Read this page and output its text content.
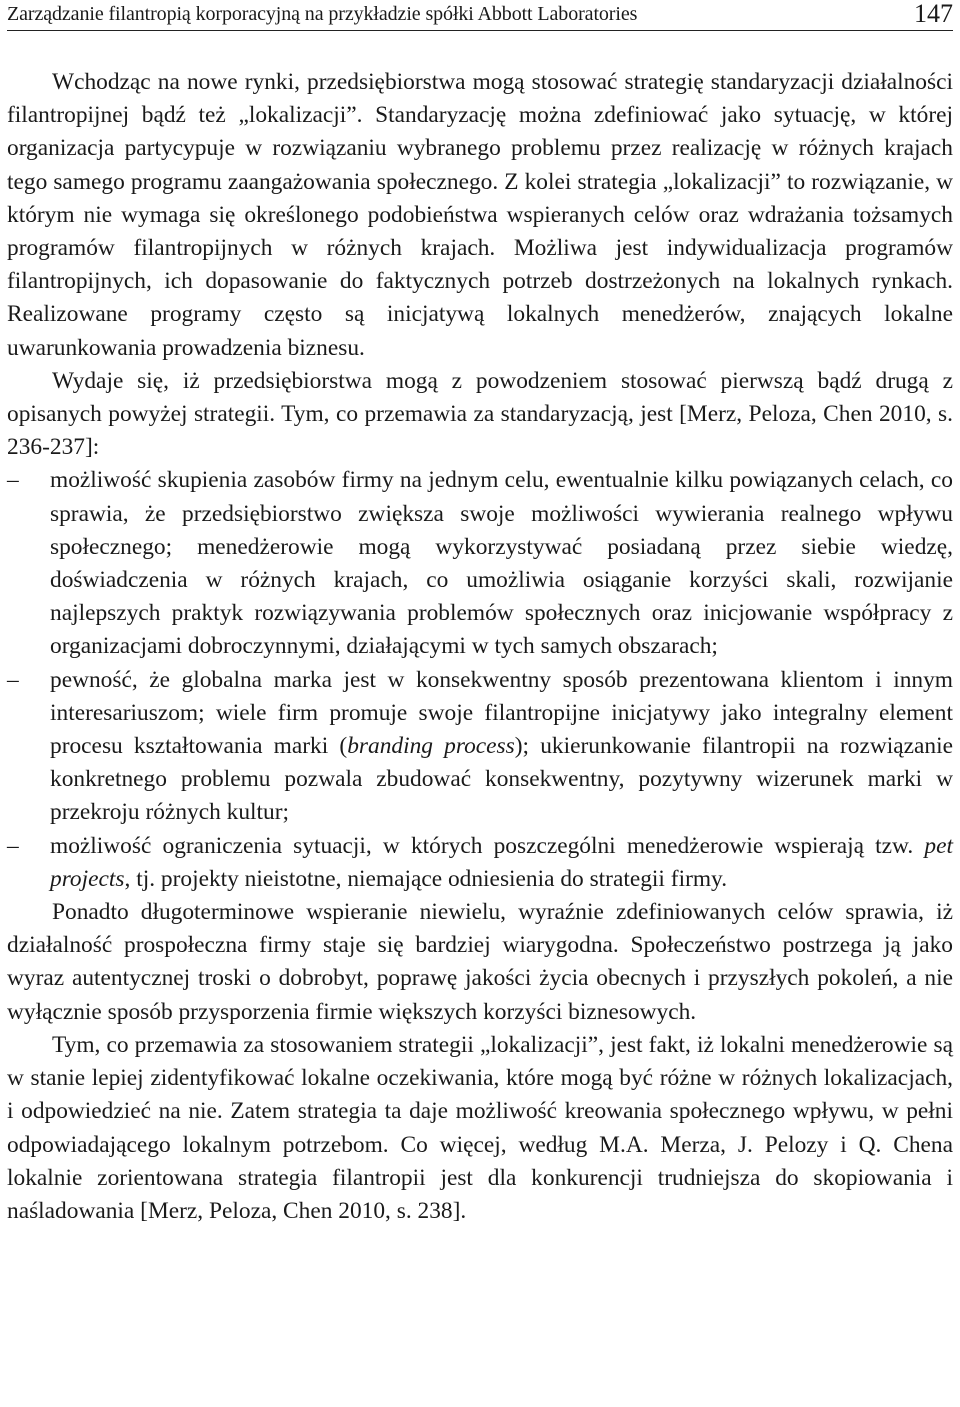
Zarządzanie filantropią korporacyjną na przykładzie spółki Abbott Laboratories	147

Wchodząc na nowe rynki, przedsiębiorstwa mogą stosować strategię standaryzacji działalności filantropijnej bądź też „lokalizacji”. Standaryzację można zdefiniować jako sytuację, w której organizacja partycypuje w rozwiązaniu wybranego problemu przez realizację w różnych krajach tego samego programu zaangażowania społecznego. Z kolei strategia „lokalizacji” to rozwiązanie, w którym nie wymaga się określonego podobieństwa wspieranych celów oraz wdrażania tożsamych programów filantropijnych w różnych krajach. Możliwa jest indywidualizacja programów filantropijnych, ich dopasowanie do faktycznych potrzeb dostrzeżonych na lokalnych rynkach. Realizowane programy często są inicjatywą lokalnych menedżerów, znających lokalne uwarunkowania prowadzenia biznesu.

Wydaje się, iż przedsiębiorstwa mogą z powodzeniem stosować pierwszą bądź drugą z opisanych powyżej strategii. Tym, co przemawia za standaryzacją, jest [Merz, Peloza, Chen 2010, s. 236-237]:

– możliwość skupienia zasobów firmy na jednym celu, ewentualnie kilku powiązanych celach, co sprawia, że przedsiębiorstwo zwiększa swoje możliwości wywierania realnego wpływu społecznego; menedżerowie mogą wykorzystywać posiadaną przez siebie wiedzę, doświadczenia w różnych krajach, co umożliwia osiąganie korzyści skali, rozwijanie najlepszych praktyk rozwiązywania problemów społecznych oraz inicjowanie współpracy z organizacjami dobroczynnymi, działającymi w tych samych obszarach;
– pewność, że globalna marka jest w konsekwentny sposób prezentowana klientom i innym interesariuszom; wiele firm promuje swoje filantropijne inicjatywy jako integralny element procesu kształtowania marki (branding process); ukierunkowanie filantropii na rozwiązanie konkretnego problemu pozwala zbudować konsekwentny, pozytywny wizerunek marki w przekroju różnych kultur;
– możliwość ograniczenia sytuacji, w których poszczególni menedżerowie wspierają tzw. pet projects, tj. projekty nieistotne, niemające odniesienia do strategii firmy.

Ponadto długoterminowe wspieranie niewielu, wyraźnie zdefiniowanych celów sprawia, iż działalność prospołeczna firmy staje się bardziej wiarygodna. Społeczeństwo postrzega ją jako wyraz autentycznej troski o dobrobyt, poprawę jakości życia obecnych i przyszłych pokoleń, a nie wyłącznie sposób przysporzenia firmie większych korzyści biznesowych.

Tym, co przemawia za stosowaniem strategii „lokalizacji”, jest fakt, iż lokalni menedżerowie są w stanie lepiej zidentyfikować lokalne oczekiwania, które mogą być różne w różnych lokalizacjach, i odpowiedzieć na nie. Zatem strategia ta daje możliwość kreowania społecznego wpływu, w pełni odpowiadającego lokalnym potrzebom. Co więcej, według M.A. Merza, J. Pelozy i Q. Chena lokalnie zorientowana strategia filantropii jest dla konkurencji trudniejsza do skopiowania i naśladowania [Merz, Peloza, Chen 2010, s. 238].
